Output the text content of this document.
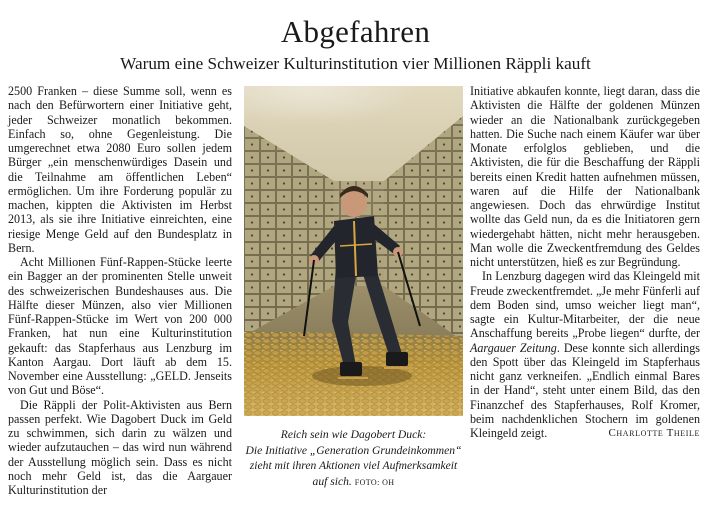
Abgefahren
Warum eine Schweizer Kulturinstitution vier Millionen Räppli kauft

2500 Franken – diese Summe soll, wenn es nach den Befürwortern einer Initiative geht, jeder Schweizer monatlich bekommen. Einfach so, ohne Gegenleistung. Die umgerechnet etwa 2080 Euro sollen jedem Bürger „ein menschenwürdiges Dasein und die Teilnahme am öffentlichen Leben“ ermöglichen. Um ihre Forderung populär zu machen, kippten die Aktivisten im Herbst 2013, als sie ihre Initiative einreichten, eine riesige Menge Geld auf den Bundesplatz in Bern.

Acht Millionen Fünf-Rappen-Stücke leerte ein Bagger an der prominenten Stelle unweit des schweizerischen Bundeshauses aus. Die Hälfte dieser Münzen, also vier Millionen Fünf-Rappen-Stücke im Wert von 200 000 Franken, hat nun eine Kulturinstitution gekauft: das Stapferhaus aus Lenzburg im Kanton Aargau. Dort läuft ab dem 15. November eine Ausstellung: „GELD. Jenseits von Gut und Böse“.

Die Räppli der Polit-Aktivisten aus Bern passen perfekt. Wie Dagobert Duck im Geld zu schwimmen, sich darin zu wälzen und wieder aufzutauchen – das wird nun während der Ausstellung möglich sein. Dass es nicht noch mehr Geld ist, das die Aargauer Kulturinstitution der

Reich sein wie Dagobert Duck:
Die Initiative „Generation Grundeinkommen“ zieht mit ihren Aktionen viel Aufmerksamkeit auf sich. FOTO: OH

Initiative abkaufen konnte, liegt daran, dass die Aktivisten die Hälfte der goldenen Münzen wieder an die Nationalbank zurückgegeben hatten. Die Suche nach einem Käufer war über Monate erfolglos geblieben, und die Aktivisten, die für die Beschaffung der Räppli bereits einen Kredit hatten aufnehmen müssen, waren auf die Hilfe der Nationalbank angewiesen. Doch das ehrwürdige Institut wollte das Geld nun, da es die Initiatoren gern wiedergehabt hätten, nicht mehr herausgeben. Man wolle die Zweckentfremdung des Geldes nicht unterstützen, hieß es zur Begründung.

In Lenzburg dagegen wird das Kleingeld mit Freude zweckentfremdet. „Je mehr Fünferli auf dem Boden sind, umso weicher liegt man“, sagte ein Kultur-Mitarbeiter, der die neue Anschaffung bereits „Probe liegen“ durfte, der Aargauer Zeitung. Dese konnte sich allerdings den Spott über das Kleingeld im Stapferhaus nicht ganz verkneifen. „Endlich einmal Bares in der Hand“, steht unter einem Bild, das den Finanzchef des Stapferhauses, Rolf Kromer, beim nachdenklichen Stochern im goldenen Kleingeld zeigt.	Charlotte Theile
